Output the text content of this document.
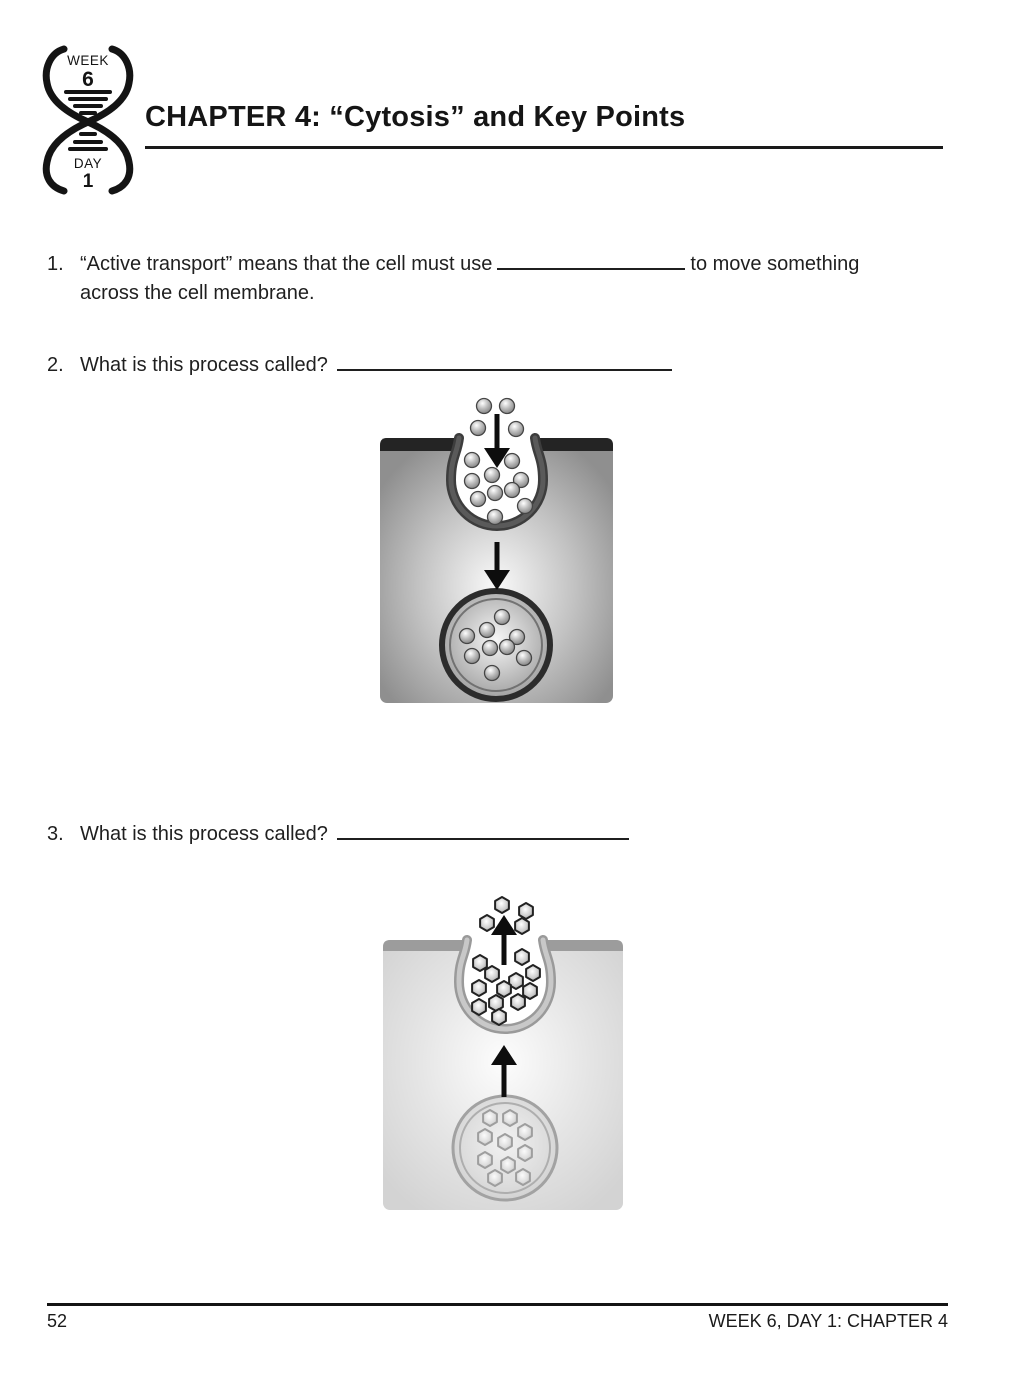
WEEK
6
DAY
1
CHAPTER 4: “Cytosis” and Key Points
1. “Active transport” means that the cell must use	to move something
across the cell membrane.
2. What is this process called?
3. What is this process called?
52	WEEK 6, DAY 1: CHAPTER 4
